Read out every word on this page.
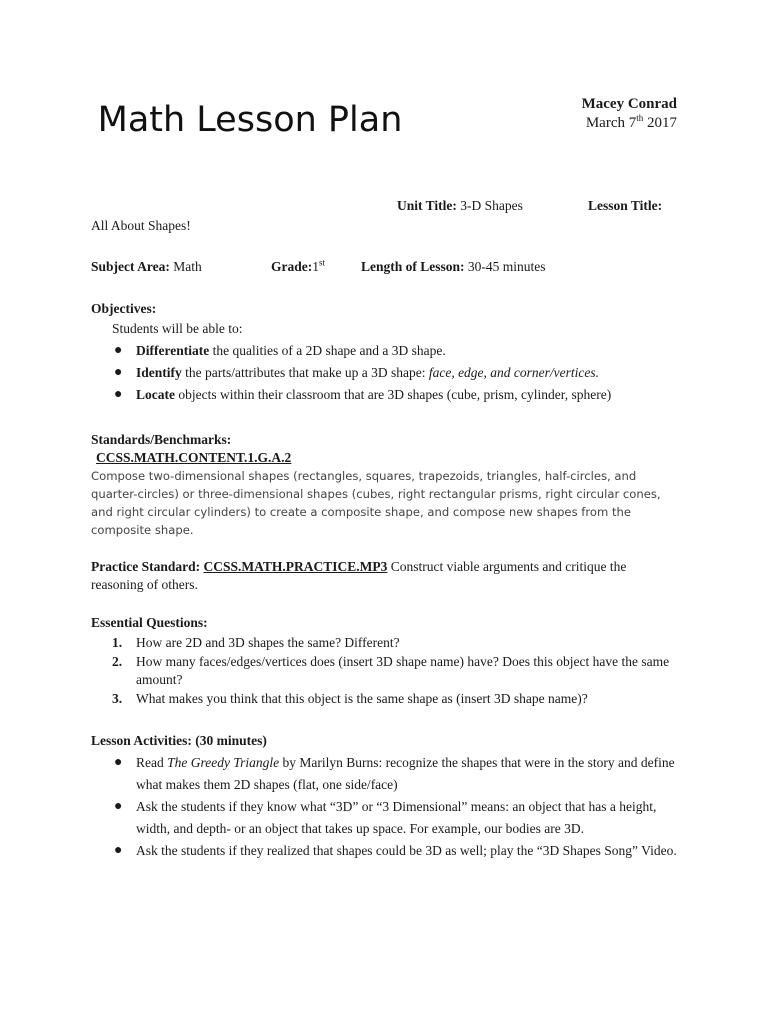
Math Lesson Plan	Macey Conrad
March 7th 2017
Unit Title: 3-D Shapes	Lesson Title:
All About Shapes!
Subject Area: Math	Grade:1st	Length of Lesson: 30-45 minutes
Objectives:
Students will be able to:
● Differentiate the qualities of a 2D shape and a 3D shape.
● Identify the parts/attributes that make up a 3D shape: face, edge, and corner/vertices.
● Locate objects within their classroom that are 3D shapes (cube, prism, cylinder, sphere)
Standards/Benchmarks:
CCSS.MATH.CONTENT.1.G.A.2
Compose two-dimensional shapes (rectangles, squares, trapezoids, triangles, half-circles, and quarter-circles) or three-dimensional shapes (cubes, right rectangular prisms, right circular cones, and right circular cylinders) to create a composite shape, and compose new shapes from the composite shape.
Practice Standard: CCSS.MATH.PRACTICE.MP3 Construct viable arguments and critique the reasoning of others.
Essential Questions:
1. How are 2D and 3D shapes the same? Different?
2. How many faces/edges/vertices does (insert 3D shape name) have? Does this object have the same amount?
3. What makes you think that this object is the same shape as (insert 3D shape name)?
Lesson Activities: (30 minutes)
● Read The Greedy Triangle by Marilyn Burns: recognize the shapes that were in the story and define what makes them 2D shapes (flat, one side/face)
● Ask the students if they know what “3D” or “3 Dimensional” means: an object that has a height, width, and depth- or an object that takes up space. For example, our bodies are 3D.
● Ask the students if they realized that shapes could be 3D as well; play the “3D Shapes Song” Video.
